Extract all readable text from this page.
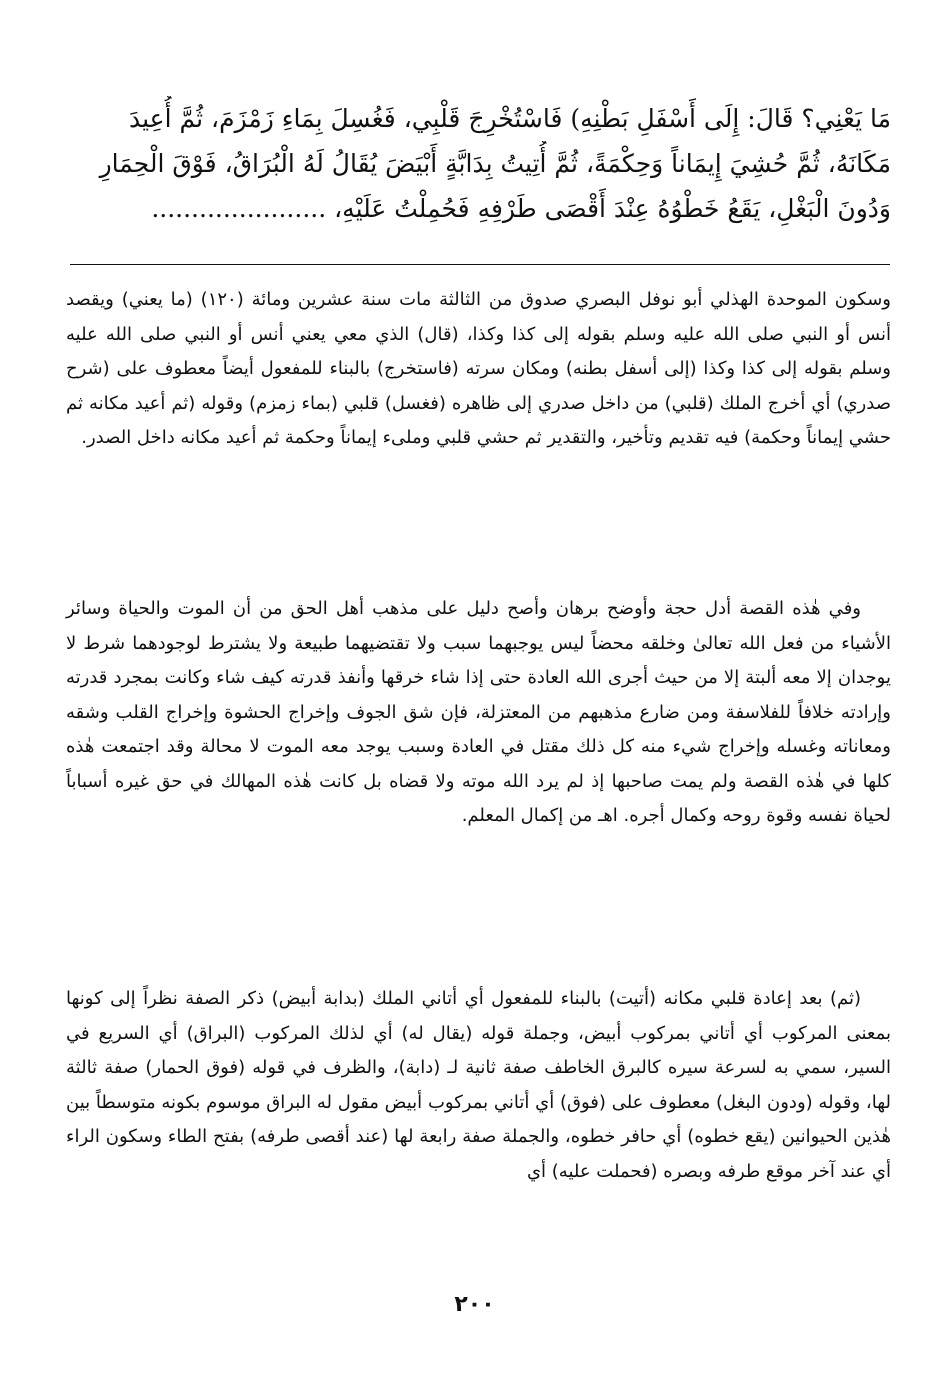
مَا يَعْنِي؟ قَالَ: إِلَى أَسْفَلِ بَطْنِهِ) فَاسْتُخْرِجَ قَلْبِي، فَغُسِلَ بِمَاءِ زَمْزَمَ، ثُمَّ أُعِيدَ
مَكَانَهُ، ثُمَّ حُشِيَ إِيمَاناً وَحِكْمَةً، ثُمَّ أُتِيتُ بِدَابَّةٍ أَبْيَضَ يُقَالُ لَهُ الْبُرَاقُ، فَوْقَ الْحِمَارِ
وَدُونَ الْبَغْلِ، يَقَعُ خَطْوُهُ عِنْدَ أَقْصَى طَرْفِهِ فَحُمِلْتُ عَلَيْهِ، ......................

وسكون الموحدة الهذلي أبو نوفل البصري صدوق من الثالثة مات سنة عشرين ومائة (١٢٠) (ما يعني) ويقصد أنس أو النبي صلى الله عليه وسلم بقوله إلى كذا وكذا، (قال) الذي معي يعني أنس أو النبي صلى الله عليه وسلم بقوله إلى كذا وكذا (إلى أسفل بطنه) ومكان سرته (فاستخرج) بالبناء للمفعول أيضاً معطوف على (شرح صدري) أي أخرج الملك (قلبي) من داخل صدري إلى ظاهره (فغسل) قلبي (بماء زمزم) وقوله (ثم أعيد مكانه ثم حشي إيماناً وحكمة) فيه تقديم وتأخير، والتقدير ثم حشي قلبي وملىء إيماناً وحكمة ثم أعيد مكانه داخل الصدر.

وفي هٰذه القصة أدل حجة وأوضح برهان وأصح دليل على مذهب أهل الحق من أن الموت والحياة وسائر الأشياء من فعل الله تعالىٰ وخلقه محضاً ليس يوجبهما سبب ولا تقتضيهما طبيعة ولا يشترط لوجودهما شرط لا يوجدان إلا معه ألبتة إلا من حيث أجرى الله العادة حتى إذا شاء خرقها وأنفذ قدرته كيف شاء وكانت بمجرد قدرته وإرادته خلافاً للفلاسفة ومن ضارع مذهبهم من المعتزلة، فإن شق الجوف وإخراج الحشوة وإخراج القلب وشقه ومعاناته وغسله وإخراج شيء منه كل ذلك مقتل في العادة وسبب يوجد معه الموت لا محالة وقد اجتمعت هٰذه كلها في هٰذه القصة ولم يمت صاحبها إذ لم يرد الله موته ولا قضاه بل كانت هٰذه المهالك في حق غيره أسباباً لحياة نفسه وقوة روحه وكمال أجره. اهـ من إكمال المعلم.

(ثم) بعد إعادة قلبي مكانه (أتيت) بالبناء للمفعول أي أتاني الملك (بدابة أبيض) ذكر الصفة نظراً إلى كونها بمعنى المركوب أي أتاني بمركوب أبيض، وجملة قوله (يقال له) أي لذلك المركوب (البراق) أي السريع في السير، سمي به لسرعة سيره كالبرق الخاطف صفة ثانية لـ (دابة)، والظرف في قوله (فوق الحمار) صفة ثالثة لها، وقوله (ودون البغل) معطوف على (فوق) أي أتاني بمركوب أبيض مقول له البراق موسوم بكونه متوسطاً بين هٰذين الحيوانين (يقع خطوه) أي حافر خطوه، والجملة صفة رابعة لها (عند أقصى طرفه) بفتح الطاء وسكون الراء أي عند آخر موقع طرفه وبصره (فحملت عليه) أي

٢٠٠
